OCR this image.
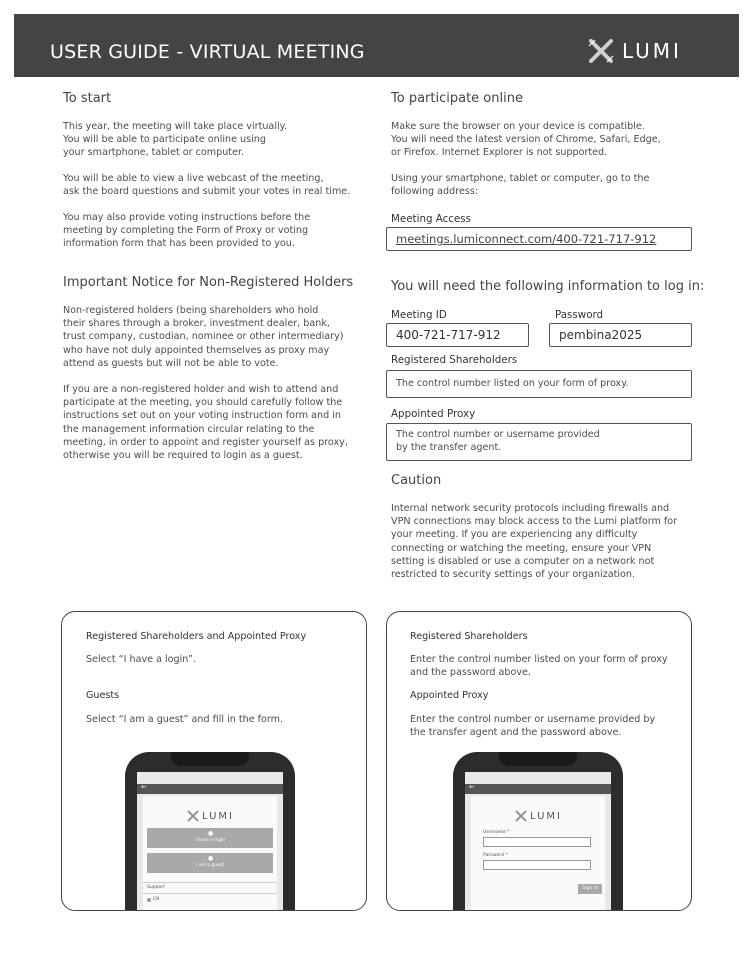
USER GUIDE - VIRTUAL MEETING	LUMI
To start
This year, the meeting will take place virtually.
You will be able to participate online using
your smartphone, tablet or computer.
You will be able to view a live webcast of the meeting,
ask the board questions and submit your votes in real time.
You may also provide voting instructions before the
meeting by completing the Form of Proxy or voting
information form that has been provided to you.
Important Notice for Non-Registered Holders
Non-registered holders (being shareholders who hold
their shares through a broker, investment dealer, bank,
trust company, custodian, nominee or other intermediary)
who have not duly appointed themselves as proxy may
attend as guests but will not be able to vote.
If you are a non-registered holder and wish to attend and
participate at the meeting, you should carefully follow the
instructions set out on your voting instruction form and in
the management information circular relating to the
meeting, in order to appoint and register yourself as proxy,
otherwise you will be required to login as a guest.
To participate online
Make sure the browser on your device is compatible.
You will need the latest version of Chrome, Safari, Edge,
or Firefox. Internet Explorer is not supported.
Using your smartphone, tablet or computer, go to the
following address:
Meeting Access
meetings.lumiconnect.com/400-721-717-912
You will need the following information to log in:
Meeting ID
400-721-717-912
Password
pembina2025
Registered Shareholders
The control number listed on your form of proxy.
Appointed Proxy
The control number or username provided
by the transfer agent.
Caution
Internal network security protocols including firewalls and
VPN connections may block access to the Lumi platform for
your meeting. If you are experiencing any difficulty
connecting or watching the meeting, ensure your VPN
setting is disabled or use a computer on a network not
restricted to security settings of your organization.
Registered Shareholders and Appointed Proxy
Select “I have a login”.
Guests
Select “I am a guest” and fill in the form.
←
LUMI
●
I have a login
●
I am a guest
Support
EN
Registered Shareholders
Enter the control number listed on your form of proxy
and the password above.
Appointed Proxy
Enter the control number or username provided by
the transfer agent and the password above.
←
LUMI
Username *
Password *
Sign In
